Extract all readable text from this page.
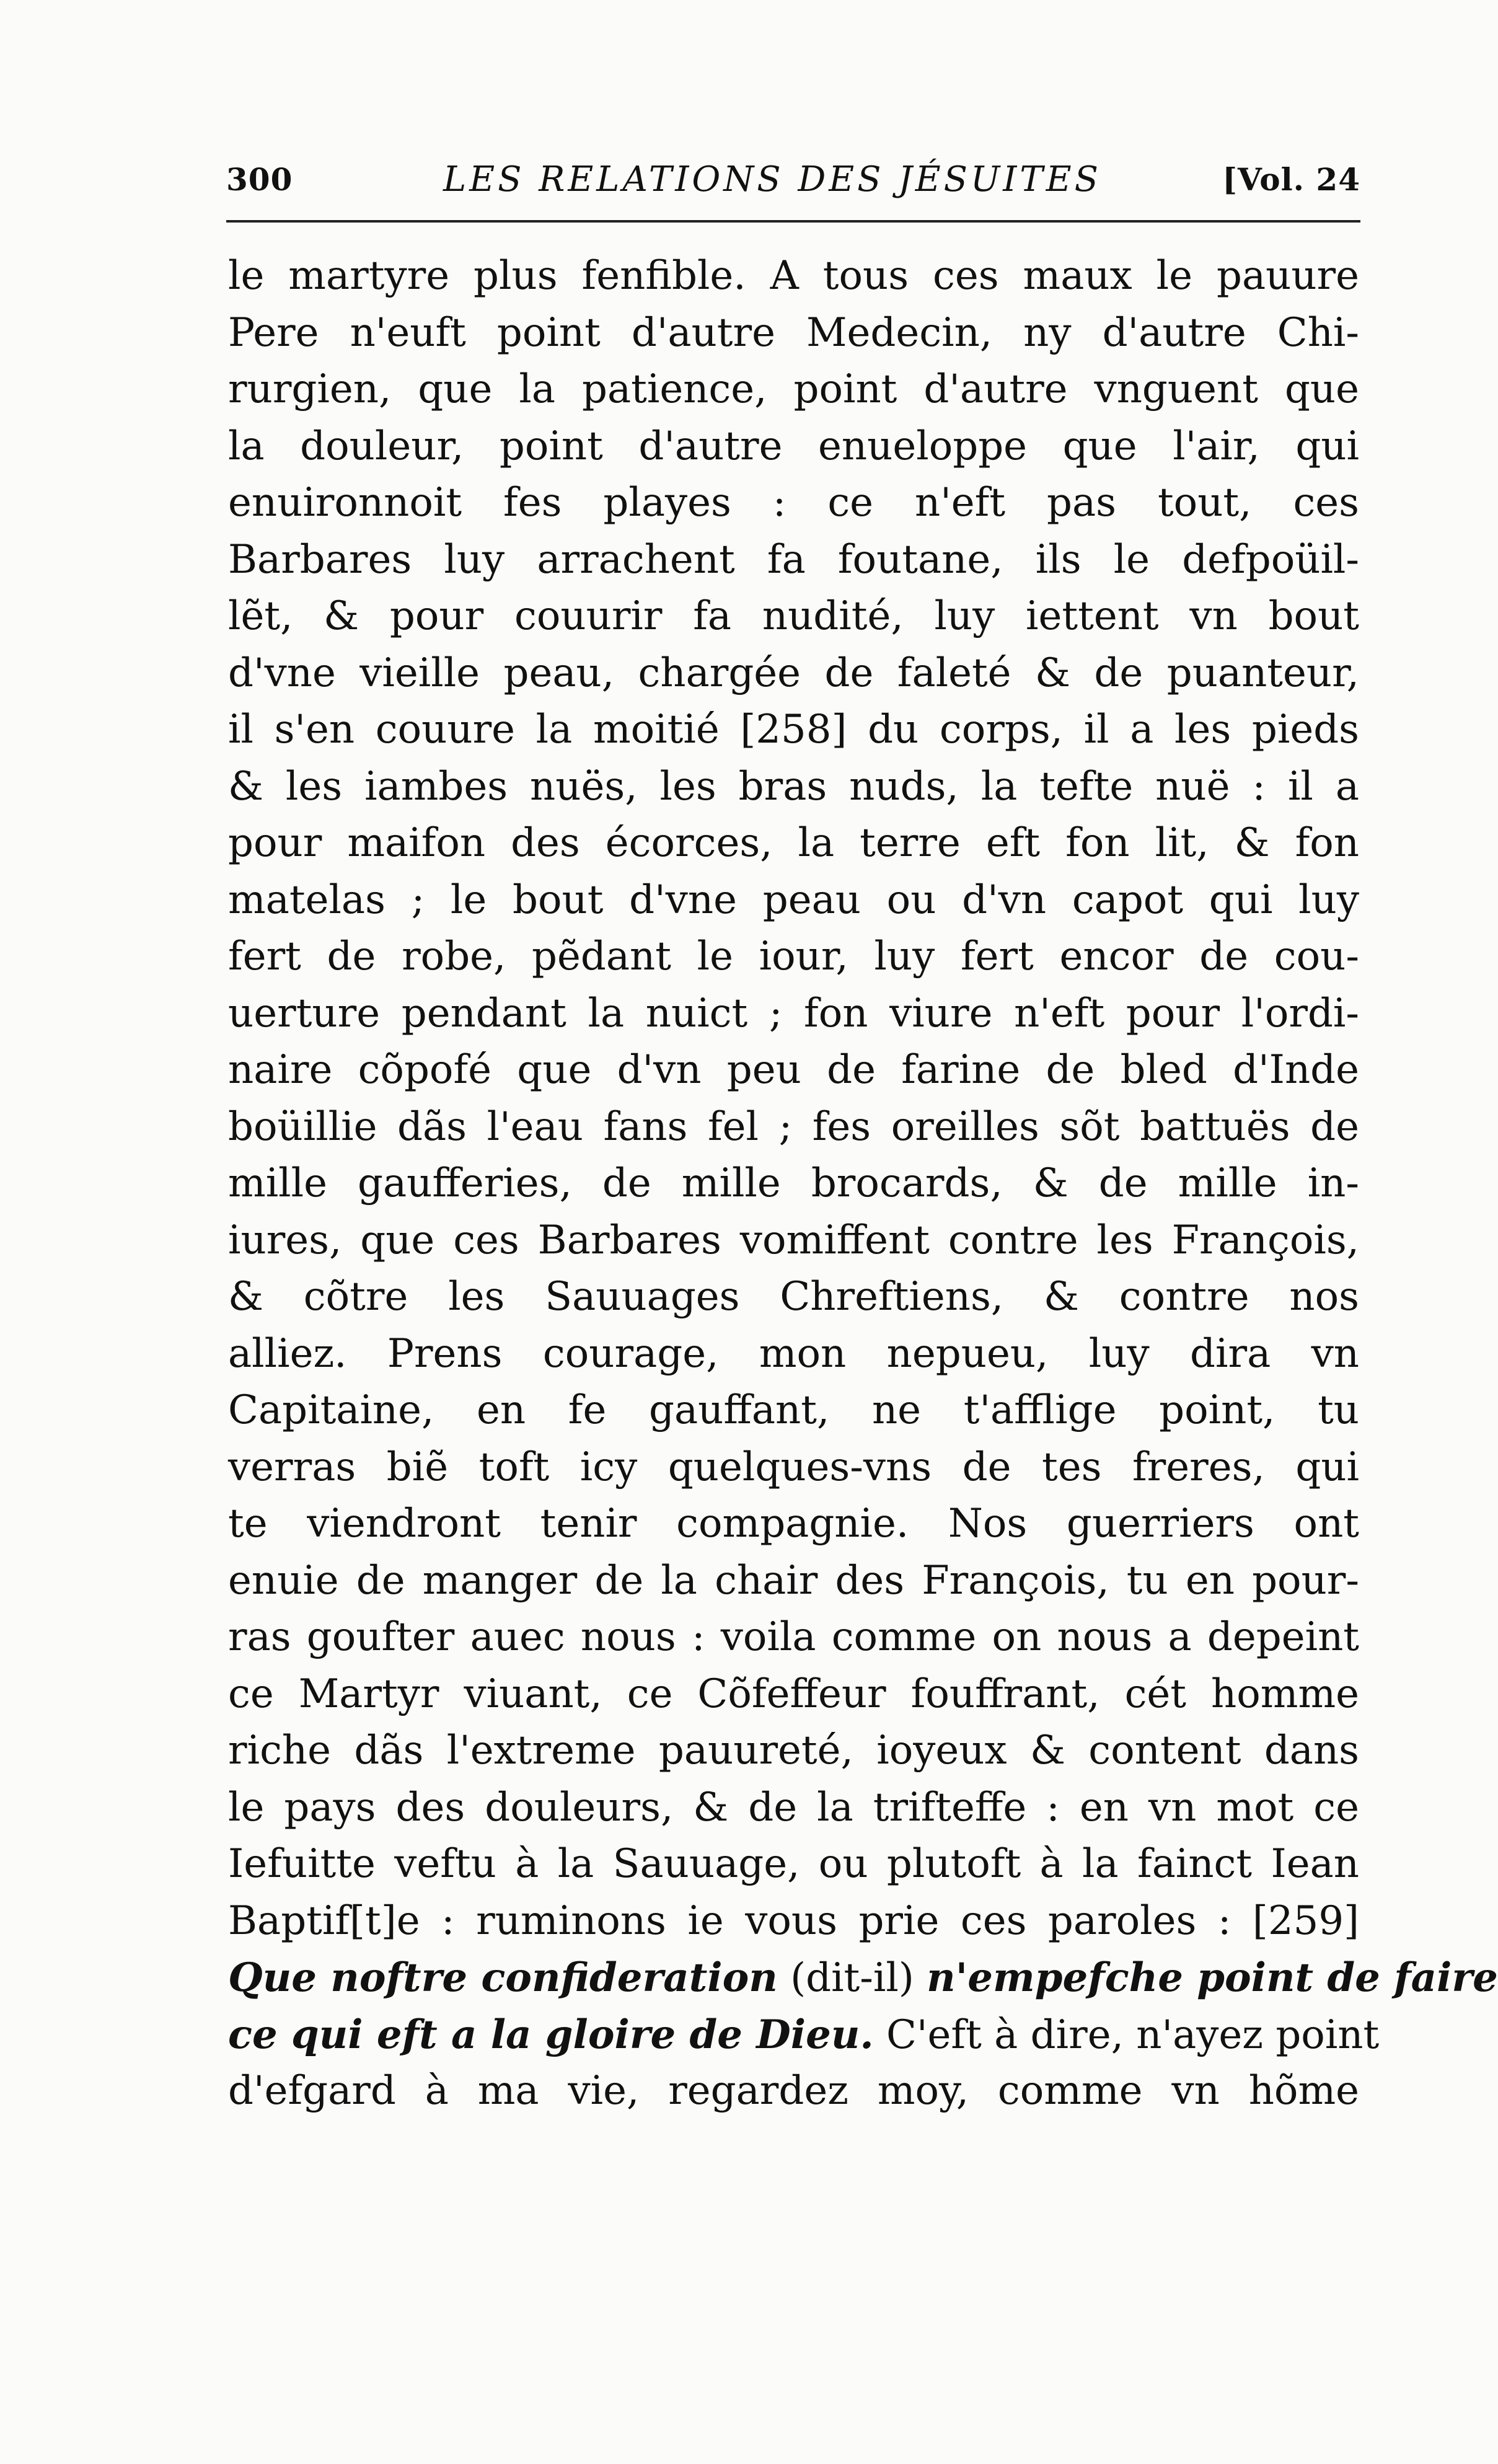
300	LES RELATIONS DES JÉSUITES	[Vol. 24
le martyre plus fenfible. A tous ces maux le pauure
Pere n'euft point d'autre Medecin, ny d'autre Chi-
rurgien, que la patience, point d'autre vnguent que
la douleur, point d'autre enueloppe que l'air, qui
enuironnoit fes playes : ce n'eft pas tout, ces
Barbares luy arrachent fa foutane, ils le defpoüil-
lẽt, & pour couurir fa nudité, luy iettent vn bout
d'vne vieille peau, chargée de faleté & de puanteur,
il s'en couure la moitié [258] du corps, il a les pieds
& les iambes nuës, les bras nuds, la tefte nuë : il a
pour maifon des écorces, la terre eft fon lit, & fon
matelas ; le bout d'vne peau ou d'vn capot qui luy
fert de robe, pẽdant le iour, luy fert encor de cou-
uerture pendant la nuict ; fon viure n'eft pour l'ordi-
naire cõpofé que d'vn peu de farine de bled d'Inde
boüillie dãs l'eau fans fel ; fes oreilles sõt battuës de
mille gaufferies, de mille brocards, & de mille in-
iures, que ces Barbares vomiffent contre les François,
& cõtre les Sauuages Chreftiens, & contre nos
alliez. Prens courage, mon nepueu, luy dira vn
Capitaine, en fe gauffant, ne t'afflige point, tu
verras biẽ toft icy quelques-vns de tes freres, qui
te viendront tenir compagnie. Nos guerriers ont
enuie de manger de la chair des François, tu en pour-
ras goufter auec nous : voila comme on nous a depeint
ce Martyr viuant, ce Cõfeffeur fouffrant, cét homme
riche dãs l'extreme pauureté, ioyeux & content dans
le pays des douleurs, & de la trifteffe : en vn mot ce
Iefuitte veftu à la Sauuage, ou plutoft à la fainct Iean
Baptif[t]e : ruminons ie vous prie ces paroles : [259]
Que noftre confideration (dit-il) n'empefche point de faire
ce qui eft a la gloire de Dieu. C'eft à dire, n'ayez point
d'efgard à ma vie, regardez moy, comme vn hõme
